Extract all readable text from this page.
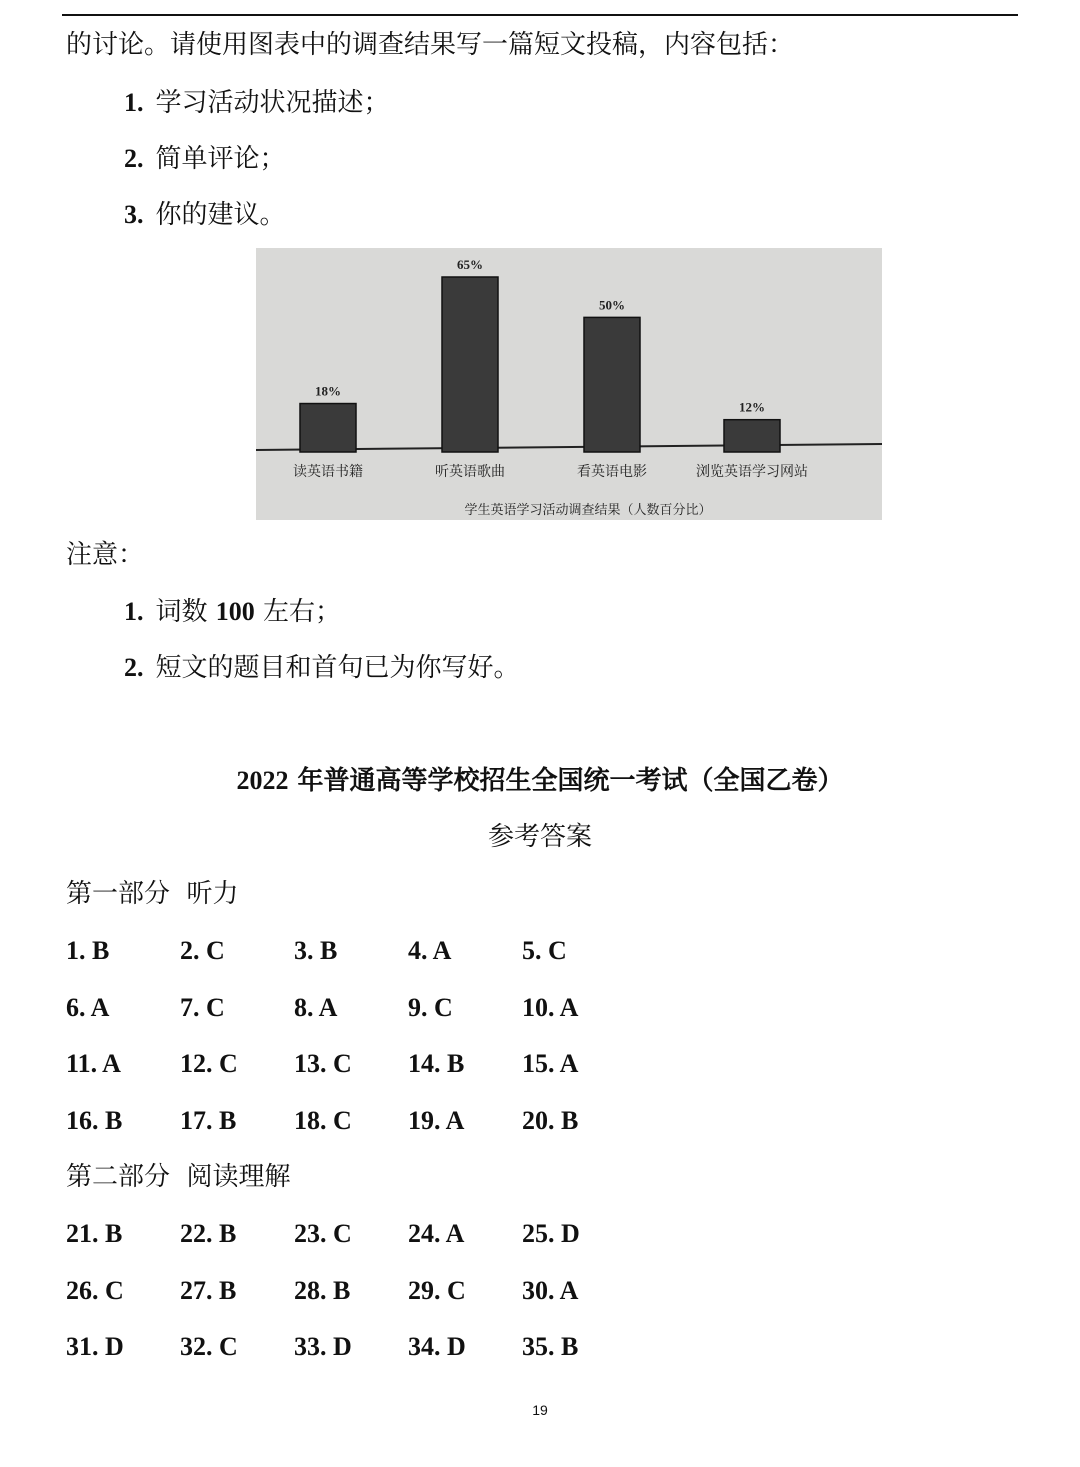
的讨论。请使用图表中的调查结果写一篇短文投稿，内容包括：
1. 学习活动状况描述；
2. 简单评论；
3. 你的建议。
学生英语学习活动调查结果（人数百分比）
18%
读英语书籍
65%
听英语歌曲
50%
看英语电影
12%
浏览英语学习网站
注意：
1. 词数 100 左右；
2. 短文的题目和首句已为你写好。
2022 年普通高等学校招生全国统一考试（全国乙卷）
参考答案
第一部分  听力
1. B	2. C	3. B	4. A	5. C
6. A	7. C	8. A	9. C	10. A
11. A 12. C 13. C 14. B 15. A
16. B 17. B 18. C 19. A 20. B
第二部分  阅读理解
21. B 22. B 23. C 24. A 25. D
26. C 27. B 28. B 29. C 30. A
31. D 32. C 33. D 34. D 35. B
19
